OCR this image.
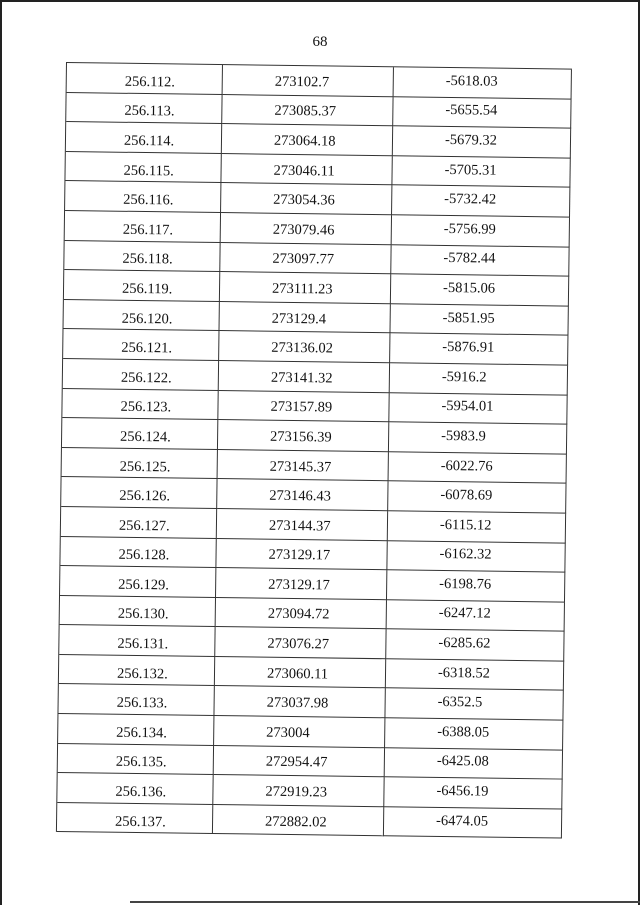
68
256.112.	273102.7	-5618.03
256.113.	273085.37	-5655.54
256.114.	273064.18	-5679.32
256.115.	273046.11	-5705.31
256.116.	273054.36	-5732.42
256.117.	273079.46	-5756.99
256.118.	273097.77	-5782.44
256.119.	273111.23	-5815.06
256.120.	273129.4	-5851.95
256.121.	273136.02	-5876.91
256.122.	273141.32	-5916.2
256.123.	273157.89	-5954.01
256.124.	273156.39	-5983.9
256.125.	273145.37	-6022.76
256.126.	273146.43	-6078.69
256.127.	273144.37	-6115.12
256.128.	273129.17	-6162.32
256.129.	273129.17	-6198.76
256.130.	273094.72	-6247.12
256.131.	273076.27	-6285.62
256.132.	273060.11	-6318.52
256.133.	273037.98	-6352.5
256.134.	273004	-6388.05
256.135.	272954.47	-6425.08
256.136.	272919.23	-6456.19
256.137.	272882.02	-6474.05
